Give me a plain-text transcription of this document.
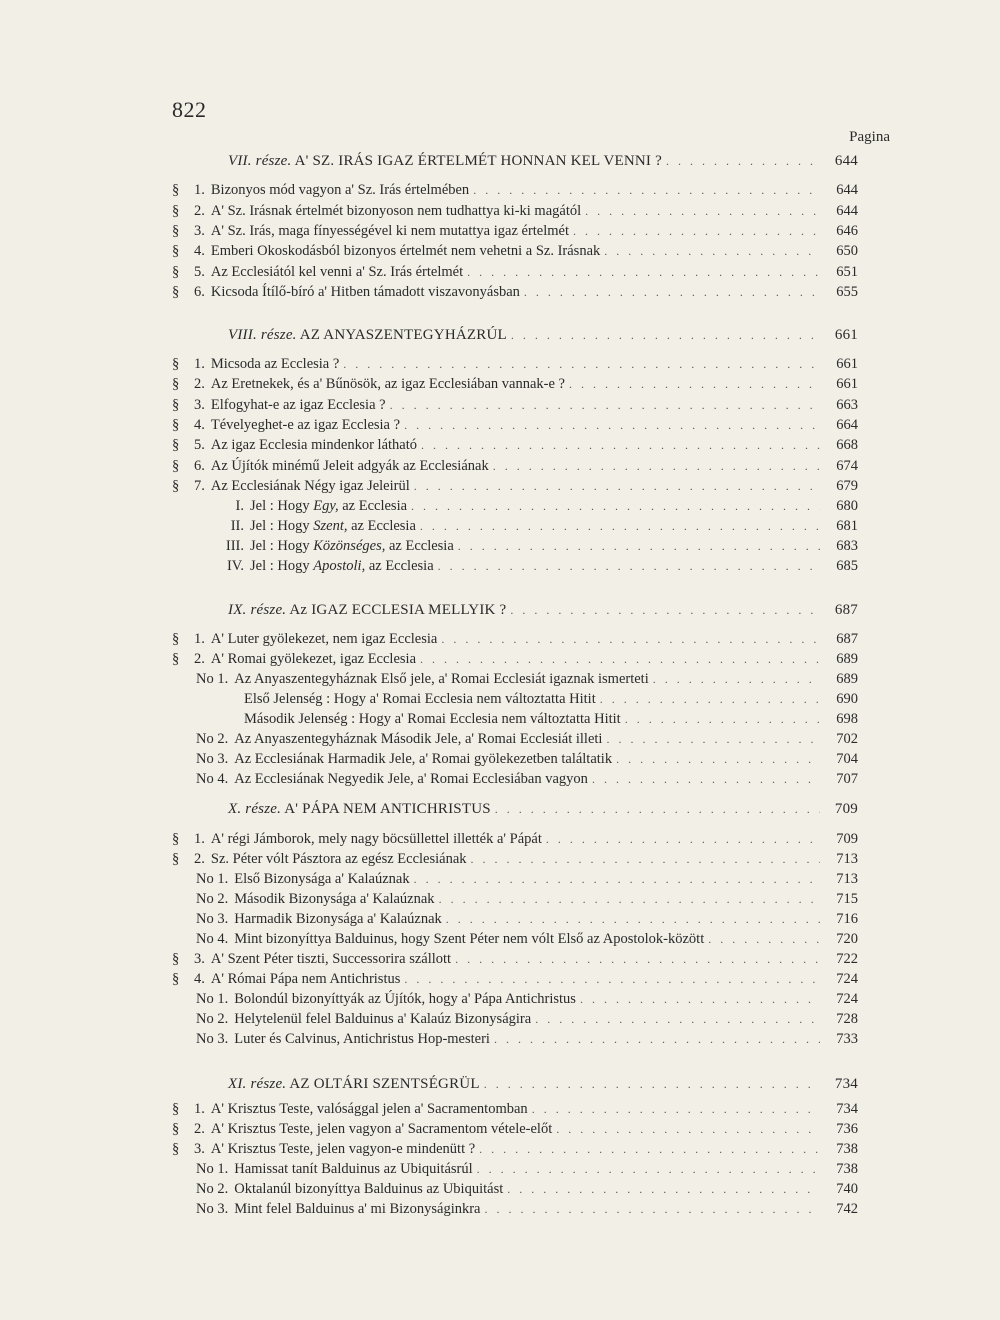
822
Pagina
VII. része. A' SZ. IRÁS IGAZ ÉRTELMÉT HONNAN KEL VENNI ? . . .	644
§	1. Bizonyos mód vagyon a' Sz. Irás értelmében . . .	644
§	2. A' Sz. Irásnak értelmét bizonyoson nem tudhattya ki-ki magától . . .	644
§	3. A' Sz. Irás, maga fínyességével ki nem mutattya igaz értelmét . . .	646
§	4. Emberi Okoskodásból bizonyos értelmét nem vehetni a Sz. Irásnak . . .	650
§	5. Az Ecclesiától kel venni a' Sz. Irás értelmét . . .	651
§	6. Kicsoda Ítílő-bíró a' Hitben támadott viszavonyásban . . .	655
VIII. része. AZ ANYASZENTEGYHÁZRÚL . . .	661
§	1. Micsoda az Ecclesia ? . . .	661
§	2. Az Eretnekek, és a' Bűnösök, az igaz Ecclesiában vannak-e ? . . .	661
§	3. Elfogyhat-e az igaz Ecclesia ? . . .	663
§	4. Tévelyeghet-e az igaz Ecclesia ? . . .	664
§	5. Az igaz Ecclesia mindenkor látható . . .	668
§	6. Az Újítók minémű Jeleit adgyák az Ecclesiának . . .	674
§	7. Az Ecclesiának Négy igaz Jeleirül . . .	679
I. Jel : Hogy Egy, az Ecclesia . . .	680
II. Jel : Hogy Szent, az Ecclesia . . .	681
III. Jel : Hogy Közönséges, az Ecclesia . . .	683
IV. Jel : Hogy Apostoli, az Ecclesia . . .	685
IX. része. Az IGAZ ECCLESIA MELLYIK ? . . .	687
§	1. A' Luter gyölekezet, nem igaz Ecclesia . . .	687
§	2. A' Romai gyölekezet, igaz Ecclesia . . .	689
No 1. Az Anyaszentegyháznak Első jele, a' Romai Ecclesiát igaznak ismerteti . . .	689
Első Jelenség : Hogy a' Romai Ecclesia nem változtatta Hitit . . .	690
Második Jelenség : Hogy a' Romai Ecclesia nem változtatta Hitit . . .	698
No 2. Az Anyaszentegyháznak Második Jele, a' Romai Ecclesiát illeti . . .	702
No 3. Az Ecclesiának Harmadik Jele, a' Romai gyölekezetben találtatik . . .	704
No 4. Az Ecclesiának Negyedik Jele, a' Romai Ecclesiában vagyon . . .	707
X. része. A' PÁPA NEM ANTICHRISTUS . . .	709
§	1. A' régi Jámborok, mely nagy böcsüllettel illették a' Pápát . . .	709
§	2. Sz. Péter vólt Pásztora az egész Ecclesiának . . .	713
No 1. Első Bizonysága a' Kalaúznak . . .	713
No 2. Második Bizonysága a' Kalaúznak . . .	715
No 3. Harmadik Bizonysága a' Kalaúznak . . .	716
No 4. Mint bizonyíttya Balduinus, hogy Szent Péter nem vólt Első az Apostolok-között . . .	720
§	3. A' Szent Péter tiszti, Successorira szállott . . .	722
§	4. A' Római Pápa nem Antichristus . . .	724
No 1. Bolondúl bizonyíttyák az Újítók, hogy a' Pápa Antichristus . . .	724
No 2. Helytelenül felel Balduinus a' Kalaúz Bizonyságira . . .	728
No 3. Luter és Calvinus, Antichristus Hop-mesteri . . .	733
XI. része. AZ OLTÁRI SZENTSÉGRÜL . . .	734
§	1. A' Krisztus Teste, valósággal jelen a' Sacramentomban . . .	734
§	2. A' Krisztus Teste, jelen vagyon a' Sacramentom vétele-előt . . .	736
§	3. A' Krisztus Teste, jelen vagyon-e mindenütt ? . . .	738
No 1. Hamissat tanít Balduinus az Ubiquitásrúl . . .	738
No 2. Oktalanúl bizonyíttya Balduinus az Ubiquitást . . .	740
No 3. Mint felel Balduinus a' mi Bizonyságinkra . . .	742
